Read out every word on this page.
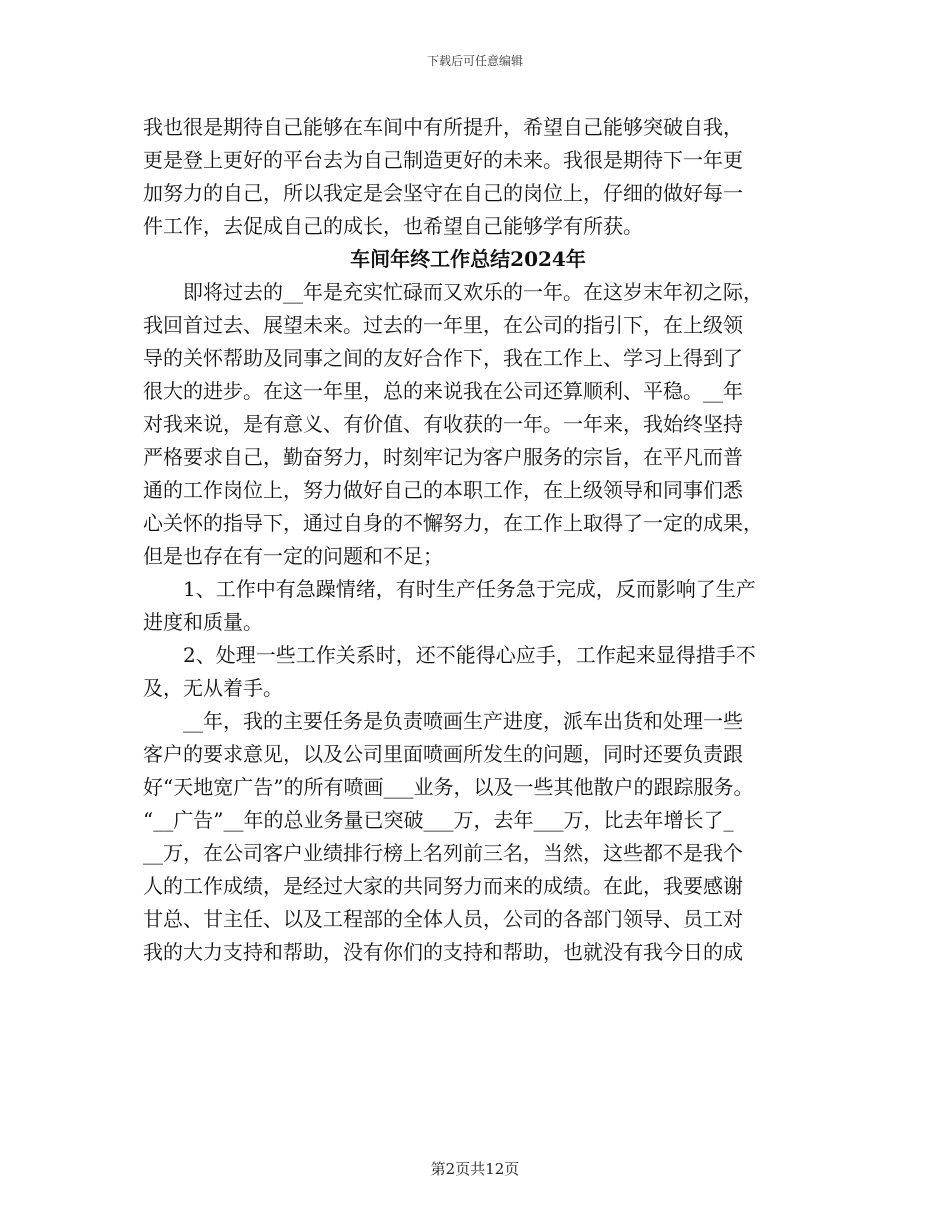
下载后可任意编辑
我也很是期待自己能够在车间中有所提升，希望自己能够突破自我，
更是登上更好的平台去为自己制造更好的未来。我很是期待下一年更
加努力的自己，所以我定是会坚守在自己的岗位上，仔细的做好每一
件工作，去促成自己的成长，也希望自己能够学有所获。
车间年终工作总结2024年
　　即将过去的__年是充实忙碌而又欢乐的一年。在这岁末年初之际，
我回首过去、展望未来。过去的一年里，在公司的指引下，在上级领
导的关怀帮助及同事之间的友好合作下，我在工作上、学习上得到了
很大的进步。在这一年里，总的来说我在公司还算顺利、平稳。__年
对我来说，是有意义、有价值、有收获的一年。一年来，我始终坚持
严格要求自己，勤奋努力，时刻牢记为客户服务的宗旨，在平凡而普
通的工作岗位上，努力做好自己的本职工作，在上级领导和同事们悉
心关怀的指导下，通过自身的不懈努力，在工作上取得了一定的成果，
但是也存在有一定的问题和不足；
　　1、工作中有急躁情绪，有时生产任务急于完成，反而影响了生产
进度和质量。
　　2、处理一些工作关系时，还不能得心应手，工作起来显得措手不
及，无从着手。
　　__年，我的主要任务是负责喷画生产进度，派车出货和处理一些
客户的要求意见，以及公司里面喷画所发生的问题，同时还要负责跟
好“天地宽广告”的所有喷画___业务，以及一些其他散户的跟踪服务。
“__广告”__年的总业务量已突破___万，去年___万，比去年增长了_
__万，在公司客户业绩排行榜上名列前三名，当然，这些都不是我个
人的工作成绩，是经过大家的共同努力而来的成绩。在此，我要感谢
甘总、甘主任、以及工程部的全体人员，公司的各部门领导、员工对
我的大力支持和帮助，没有你们的支持和帮助，也就没有我今日的成
第2页共12页
